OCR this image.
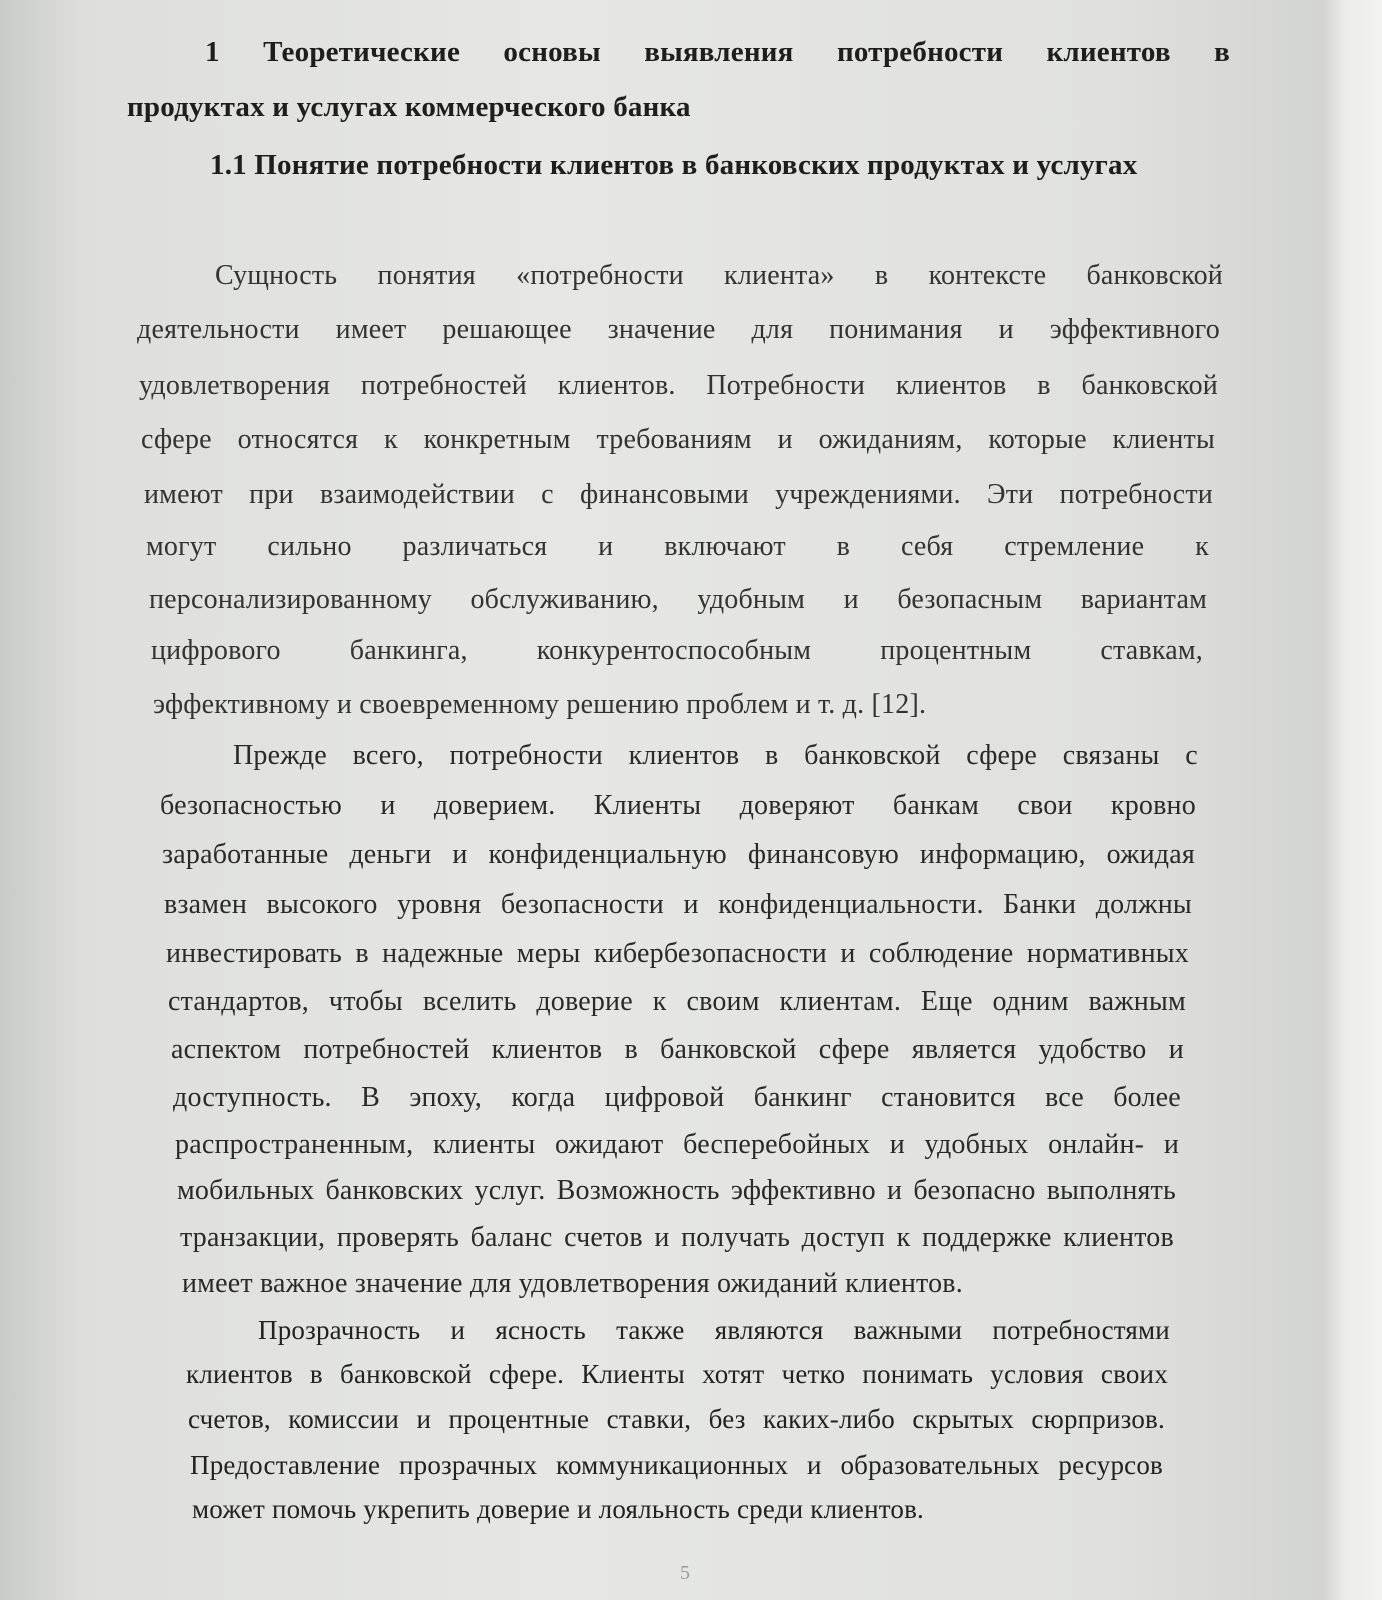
1 Теоретические основы выявления потребности клиентов в
продуктах и услугах коммерческого банка
1.1 Понятие потребности клиентов в банковских продуктах и услугах
Сущность понятия «потребности клиента» в контексте банковской
деятельности имеет решающее значение для понимания и эффективного
удовлетворения потребностей клиентов. Потребности клиентов в банковской
сфере относятся к конкретным требованиям и ожиданиям, которые клиенты
имеют при взаимодействии с финансовыми учреждениями. Эти потребности
могут сильно различаться и включают в себя стремление к
персонализированному обслуживанию, удобным и безопасным вариантам
цифрового банкинга, конкурентоспособным процентным ставкам,
эффективному и своевременному решению проблем и т. д. [12].
Прежде всего, потребности клиентов в банковской сфере связаны с
безопасностью и доверием. Клиенты доверяют банкам свои кровно
заработанные деньги и конфиденциальную финансовую информацию, ожидая
взамен высокого уровня безопасности и конфиденциальности. Банки должны
инвестировать в надежные меры кибербезопасности и соблюдение нормативных
стандартов, чтобы вселить доверие к своим клиентам. Еще одним важным
аспектом потребностей клиентов в банковской сфере является удобство и
доступность. В эпоху, когда цифровой банкинг становится все более
распространенным, клиенты ожидают бесперебойных и удобных онлайн- и
мобильных банковских услуг. Возможность эффективно и безопасно выполнять
транзакции, проверять баланс счетов и получать доступ к поддержке клиентов
имеет важное значение для удовлетворения ожиданий клиентов.
Прозрачность и ясность также являются важными потребностями
клиентов в банковской сфере. Клиенты хотят четко понимать условия своих
счетов, комиссии и процентные ставки, без каких-либо скрытых сюрпризов.
Предоставление прозрачных коммуникационных и образовательных ресурсов
может помочь укрепить доверие и лояльность среди клиентов.
5
